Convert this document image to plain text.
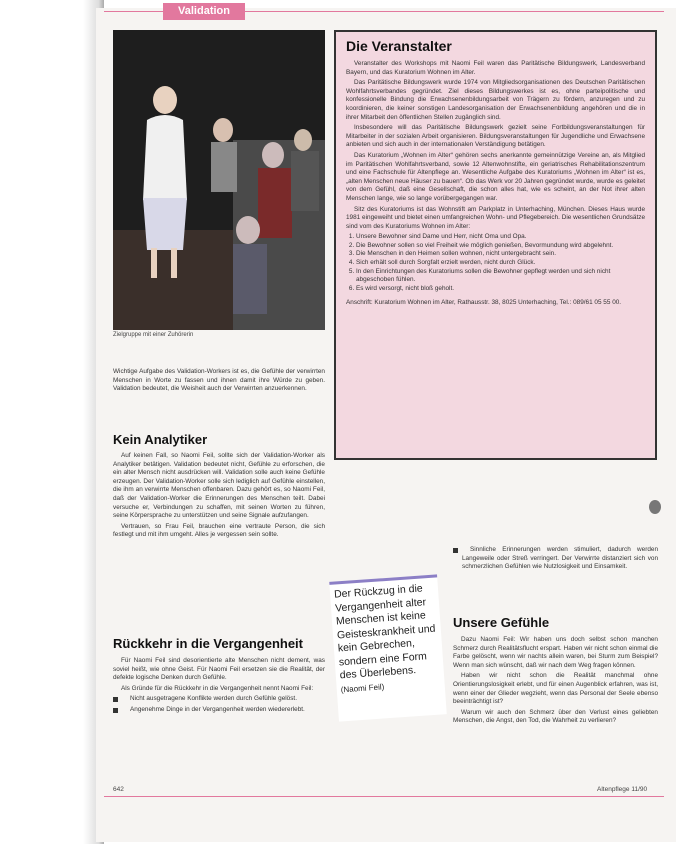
Validation
Zielgruppe mit einer Zuhörerin
Die Veranstalter

Veranstalter des Workshops mit Naomi Feil waren das Paritätische Bildungswerk, Landesverband Bayern, und das Kuratorium Wohnen im Alter.

Das Paritätische Bildungswerk wurde 1974 von Mitgliedsorganisationen des Deutschen Paritätischen Wohlfahrtsverbandes gegründet. Ziel dieses Bildungswerkes ist es, ohne parteipolitische und konfessionelle Bindung die Erwachsenenbildungsarbeit von Trägern zu fördern, anzuregen und zu koordinieren, die keiner sonstigen Landesorganisation der Erwachsenenbildung angehören und die in ihrer Mitarbeit den öffentlichen Stellen zugänglich sind.

Insbesondere will das Paritätische Bildungswerk gezielt seine Fortbildungsveranstaltungen für Mitarbeiter in der sozialen Arbeit organisieren. Bildungsveranstaltungen für Jugendliche und Erwachsene anbieten und sich auch in der internationalen Verständigung betätigen.

Das Kuratorium „Wohnen im Alter“ gehören sechs anerkannte gemeinnützige Vereine an, als Mitglied im Paritätischen Wohlfahrtsverband, sowie 12 Altenwohnstifte, ein geriatrisches Rehabilitationszentrum und eine Fachschule für Altenpflege an. Wesentliche Aufgabe des Kuratoriums „Wohnen im Alter“ ist es, „alten Menschen neue Häuser zu bauen“. Ob das Werk vor 20 Jahren gegründet wurde, wurde es geleitet von dem Gefühl, daß eine Gesellschaft, die schon alles hat, wie es scheint, an der Not ihrer alten Menschen lange, wie so lange vorübergegangen war.

Sitz des Kuratoriums ist das Wohnstift am Parkplatz in Unterhaching, München. Dieses Haus wurde 1981 eingeweiht und bietet einen umfangreichen Wohn- und Pflegebereich. Die wesentlichen Grundsätze sind vom des Kuratoriums Wohnen im Alter:

1. Unsere Bewohner sind Dame und Herr, nicht Oma und Opa.
2. Die Bewohner sollen so viel Freiheit wie möglich genießen, Bevormundung wird abgelehnt.
3. Die Menschen in den Heimen sollen wohnen, nicht untergebracht sein.
4. Sich erhält soll durch Sorgfalt erzielt werden, nicht durch Glück.
5. In den Einrichtungen des Kuratoriums sollen die Bewohner gepflegt werden und sich nicht abgeschoben fühlen.
6. Es wird versorgt, nicht bloß geholt.
Anschrift: Kuratorium Wohnen im Alter, Rathausstr. 38, 8025 Unterhaching, Tel.: 089/61 05 55 00.

Wichtige Aufgabe des Validation-Workers ist es, die Gefühle der verwirrten Menschen in Worte zu fassen und ihnen damit ihre Würde zu geben. Validation bedeutet, die Weisheit auch der Verwirrten anzuerkennen.

Kein Analytiker

Auf keinen Fall, so Naomi Feil, sollte sich der Validation-Worker als Analytiker betätigen. Validation bedeutet nicht, Gefühle zu erforschen, die ein alter Mensch nicht ausdrücken will. Validation solle auch keine Gefühle erzeugen. Der Validation-Worker solle sich lediglich auf Gefühle einstellen, die ihm an verwirrte Menschen offenbaren. Dazu gehört es, so Naomi Feil, daß der Validation-Worker die Erinnerungen des Menschen teilt. Dabei versuche er, Verbindungen zu schaffen, mit seinen Worten zu führen, seine Körpersprache zu unterstützen und seine Signale aufzufangen.

Vertrauen, so Frau Feil, brauchen eine vertraute Person, die sich festlegt und mit ihm umgeht. Alles je vergessen sein sollte.

Rückkehr in die Vergangenheit

Für Naomi Feil sind desorientierte alte Menschen nicht dement, was soviel heißt, wie ohne Geist. Für Naomi Feil ersetzen sie die Realität, der defekte logische Denken durch Gefühle.

Als Gründe für die Rückkehr in die Vergangenheit nennt Naomi Feil:

Nicht ausgetragene Konflikte werden durch Gefühle gelöst.

Angenehme Dinge in der Vergangenheit werden wiedererlebt.

Der Rückzug in die Vergangenheit alter Menschen ist keine Geisteskrankheit und kein Gebrechen, sondern eine Form des Überlebens.
(Naomi Feil)

Sinnliche Erinnerungen werden stimuliert, dadurch werden Langeweile oder Streß verringert. Der Verwirrte distanziert sich von schmerzlichen Gefühlen wie Nutzlosigkeit und Einsamkeit.

Unsere Gefühle

Dazu Naomi Feil: Wir haben uns doch selbst schon manchen Schmerz durch Realitätsflucht erspart. Haben wir nicht schon einmal die Farbe gelöscht, wenn wir nachts allein waren, bei Sturm zum Beispiel? Wenn man sich wünscht, daß wir nach dem Weg fragen können.

Haben wir nicht schon die Realität manchmal ohne Orientierungslosigkeit erlebt, und für einen Augenblick erfahren, was ist, wenn einer der Glieder wegzieht, wenn das Personal der Seele ebenso beeinträchtigt ist?

Warum wir auch den Schmerz über den Verlust eines geliebten Menschen, die Angst, den Tod, die Wahrheit zu verlieren?

642	Altenpflege 11/90
